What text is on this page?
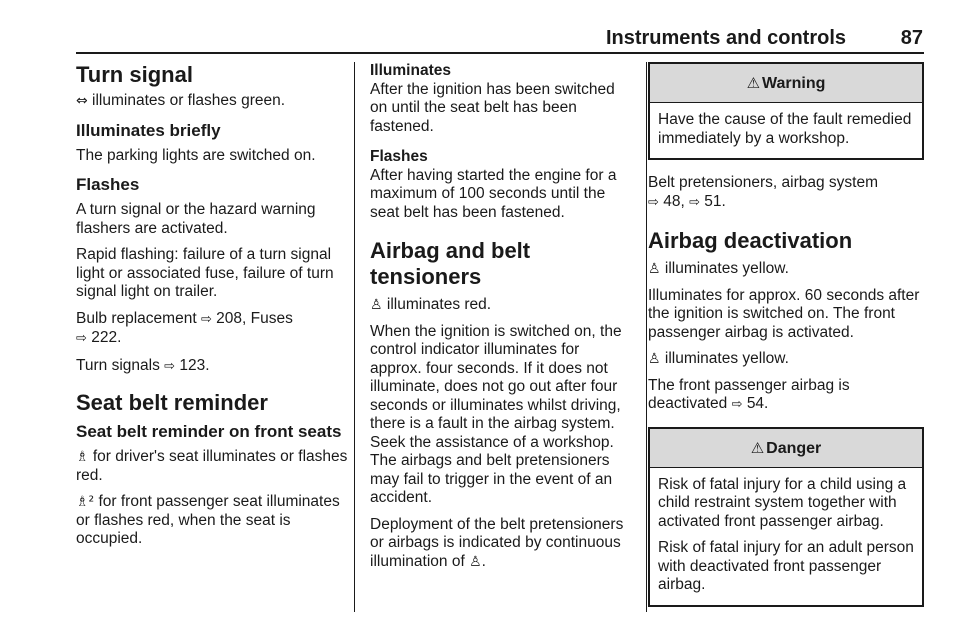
Instruments and controls	87
Turn signal

⇔ illuminates or flashes green.

Illuminates briefly

The parking lights are switched on.

Flashes

A turn signal or the hazard warning flashers are activated.

Rapid flashing: failure of a turn signal light or associated fuse, failure of turn signal light on trailer.

Bulb replacement ⇨ 208, Fuses
⇨ 222.

Turn signals ⇨ 123.

Seat belt reminder
Seat belt reminder on front seats

♗ for driver's seat illuminates or flashes red.

♗² for front passenger seat illuminates or flashes red, when the seat is occupied.

Illuminates

After the ignition has been switched on until the seat belt has been fastened.

Flashes

After having started the engine for a maximum of 100 seconds until the seat belt has been fastened.

Airbag and belt tensioners

♙ illuminates red.

When the ignition is switched on, the control indicator illuminates for approx. four seconds. If it does not illuminate, does not go out after four seconds or illuminates whilst driving, there is a fault in the airbag system. Seek the assistance of a workshop. The airbags and belt pretensioners may fail to trigger in the event of an accident.

Deployment of the belt pretensioners or airbags is indicated by continuous illumination of ♙.

⚠ Warning

Have the cause of the fault remedied immediately by a workshop.

Belt pretensioners, airbag system
⇨ 48, ⇨ 51.

Airbag deactivation

♙ illuminates yellow.

Illuminates for approx. 60 seconds after the ignition is switched on. The front passenger airbag is activated.

♙ illuminates yellow.

The front passenger airbag is deactivated ⇨ 54.

⚠ Danger

Risk of fatal injury for a child using a child restraint system together with activated front passenger airbag.

Risk of fatal injury for an adult person with deactivated front passenger airbag.
